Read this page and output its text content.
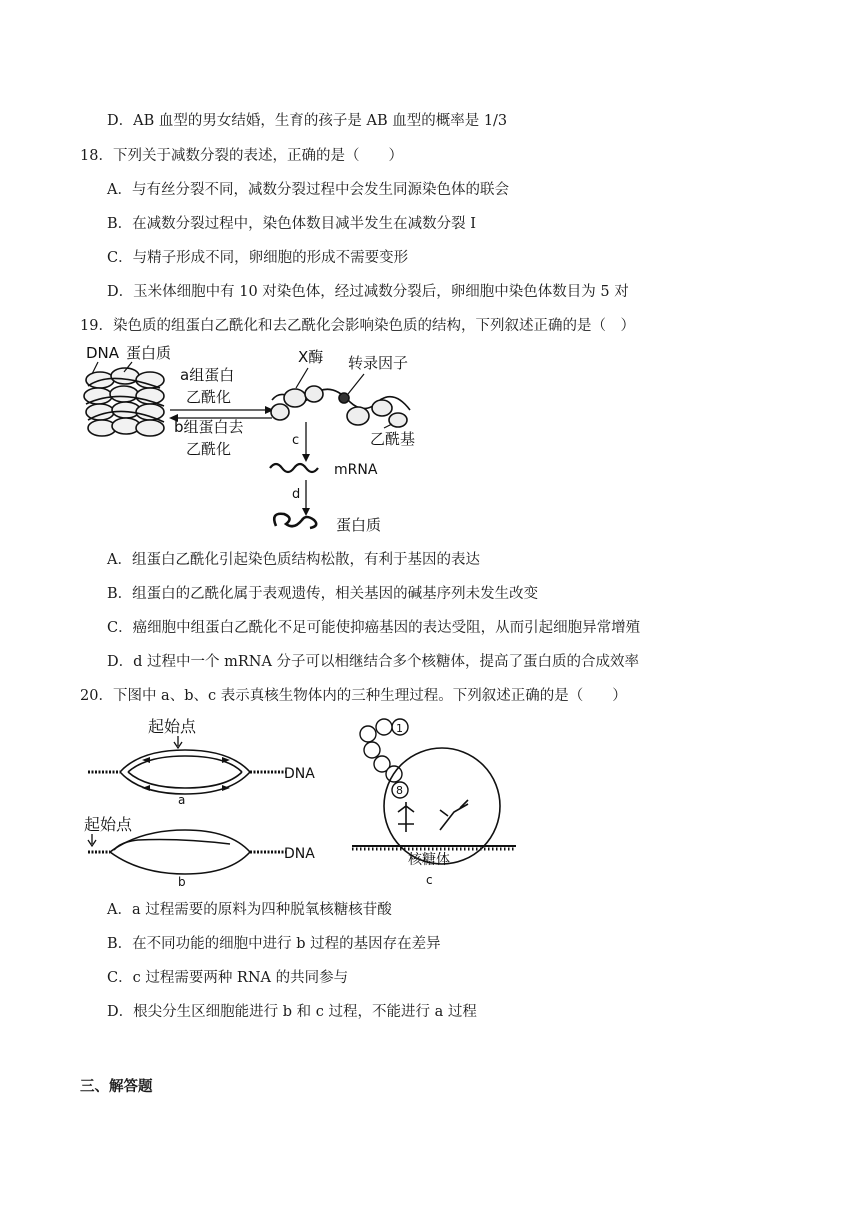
D．AB 血型的男女结婚，生育的孩子是 AB 血型的概率是 1/3
18．下列关于减数分裂的表述，正确的是（　　）
A．与有丝分裂不同，减数分裂过程中会发生同源染色体的联会
B．在减数分裂过程中，染色体数目减半发生在减数分裂 I
C．与精子形成不同，卵细胞的形成不需要变形
D．玉米体细胞中有 10 对染色体，经过减数分裂后，卵细胞中染色体数目为 5 对
19．染色质的组蛋白乙酰化和去乙酰化会影响染色质的结构，下列叙述正确的是（　）
DNA 蛋白质
a组蛋白
乙酰化
b组蛋白去
乙酰化
X酶 转录因子
乙酰基
c
mRNA
d
蛋白质
A．组蛋白乙酰化引起染色质结构松散，有利于基因的表达
B．组蛋白的乙酰化属于表观遗传，相关基因的碱基序列未发生改变
C．癌细胞中组蛋白乙酰化不足可能使抑癌基因的表达受阻，从而引起细胞异常增殖
D．d 过程中一个 mRNA 分子可以相继结合多个核糖体，提高了蛋白质的合成效率
20．下图中 a、b、c 表示真核生物体内的三种生理过程。下列叙述正确的是（　　）
起始点
DNA
a
起始点
DNA
b
1
8
核糖体
c
A．a 过程需要的原料为四种脱氧核糖核苷酸
B．在不同功能的细胞中进行 b 过程的基因存在差异
C．c 过程需要两种 RNA 的共同参与
D．根尖分生区细胞能进行 b 和 c 过程，不能进行 a 过程
三、解答题
